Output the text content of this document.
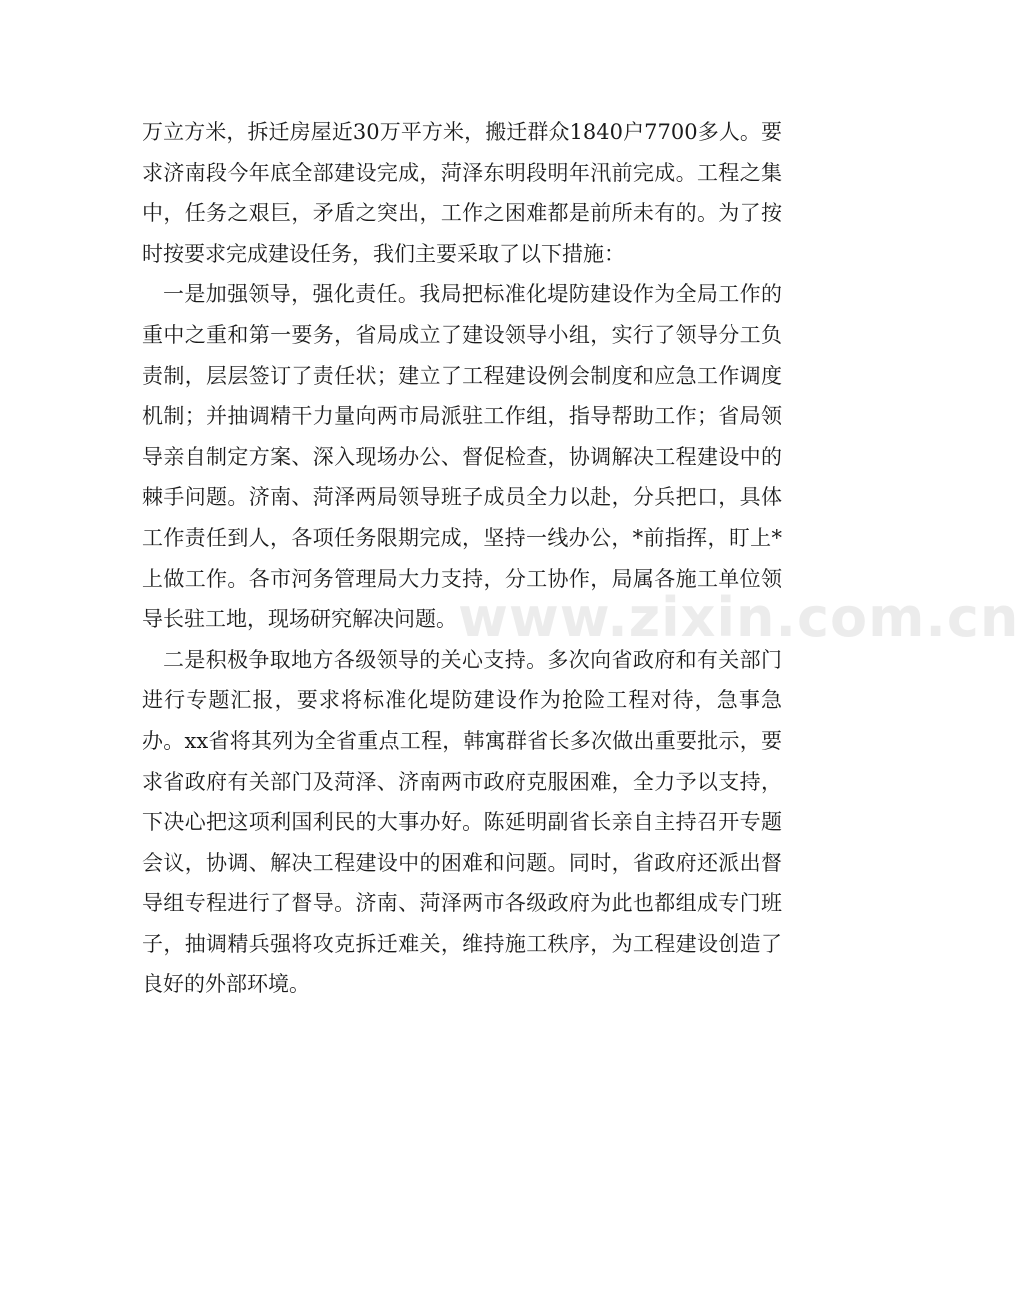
万立方米，拆迁房屋近30万平方米，搬迁群众1840户7700多人。要求济南段今年底全部建设完成，菏泽东明段明年汛前完成。工程之集中，任务之艰巨，矛盾之突出，工作之困难都是前所未有的。为了按时按要求完成建设任务，我们主要采取了以下措施：

一是加强领导，强化责任。我局把标准化堤防建设作为全局工作的重中之重和第一要务，省局成立了建设领导小组，实行了领导分工负责制，层层签订了责任状；建立了工程建设例会制度和应急工作调度机制；并抽调精干力量向两市局派驻工作组，指导帮助工作；省局领导亲自制定方案、深入现场办公、督促检查，协调解决工程建设中的棘手问题。济南、菏泽两局领导班子成员全力以赴，分兵把口，具体工作责任到人，各项任务限期完成，坚持一线办公，*前指挥，盯上*上做工作。各市河务管理局大力支持，分工协作，局属各施工单位领导长驻工地，现场研究解决问题。

二是积极争取地方各级领导的关心支持。多次向省政府和有关部门进行专题汇报，要求将标准化堤防建设作为抢险工程对待，急事急办。xx省将其列为全省重点工程，韩寓群省长多次做出重要批示，要求省政府有关部门及菏泽、济南两市政府克服困难，全力予以支持，下决心把这项利国利民的大事办好。陈延明副省长亲自主持召开专题会议，协调、解决工程建设中的困难和问题。同时，省政府还派出督导组专程进行了督导。济南、菏泽两市各级政府为此也都组成专门班子，抽调精兵强将攻克拆迁难关，维持施工秩序，为工程建设创造了良好的外部环境。

www.zixin.com.cn
